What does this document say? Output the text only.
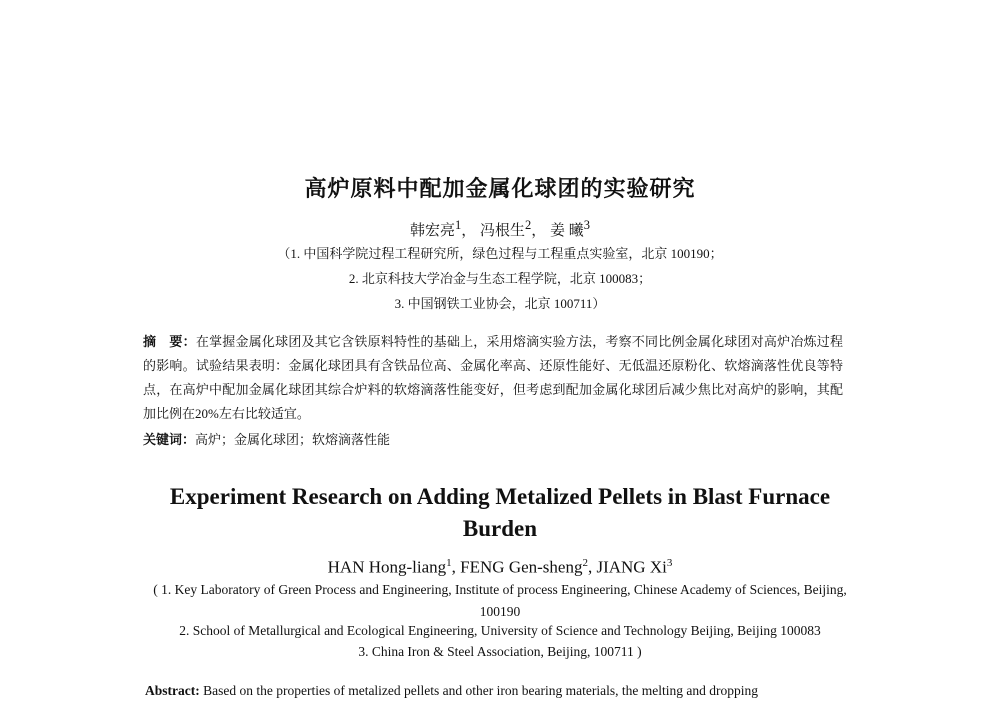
高炉原料中配加金属化球团的实验研究
韩宏亮$^1$， 冯根生$^2$， 姜 曦$^3$
（1. 中国科学院过程工程研究所，绿色过程与工程重点实验室，北京 100190；
2. 北京科技大学冶金与生态工程学院，北京 100083；
3. 中国钢铁工业协会，北京 100711）
摘　要：在掌握金属化球团及其它含铁原料特性的基础上，采用熔滴实验方法，考察不同比例金属化球团对高炉冶炼过程的影响。试验结果表明：金属化球团具有含铁品位高、金属化率高、还原性能好、无低温还原粉化、软熔滴落性优良等特点，在高炉中配加金属化球团其综合炉料的软熔滴落性能变好，但考虑到配加金属化球团后减少焦比对高炉的影响，其配加比例在20%左右比较适宜。
关键词：高炉；金属化球团；软熔滴落性能
Experiment Research on Adding Metalized Pellets in Blast Furnace Burden
HAN Hong-liang$^1$, FENG Gen-sheng$^2$, JIANG Xi$^3$
( 1. Key Laboratory of Green Process and Engineering, Institute of process Engineering, Chinese Academy of Sciences, Beijing,
100190
2. School of Metallurgical and Ecological Engineering, University of Science and Technology Beijing, Beijing 100083
3. China Iron & Steel Association, Beijing, 100711 )
Abstract: Based on the properties of metalized pellets and other iron bearing materials, the melting and dropping
